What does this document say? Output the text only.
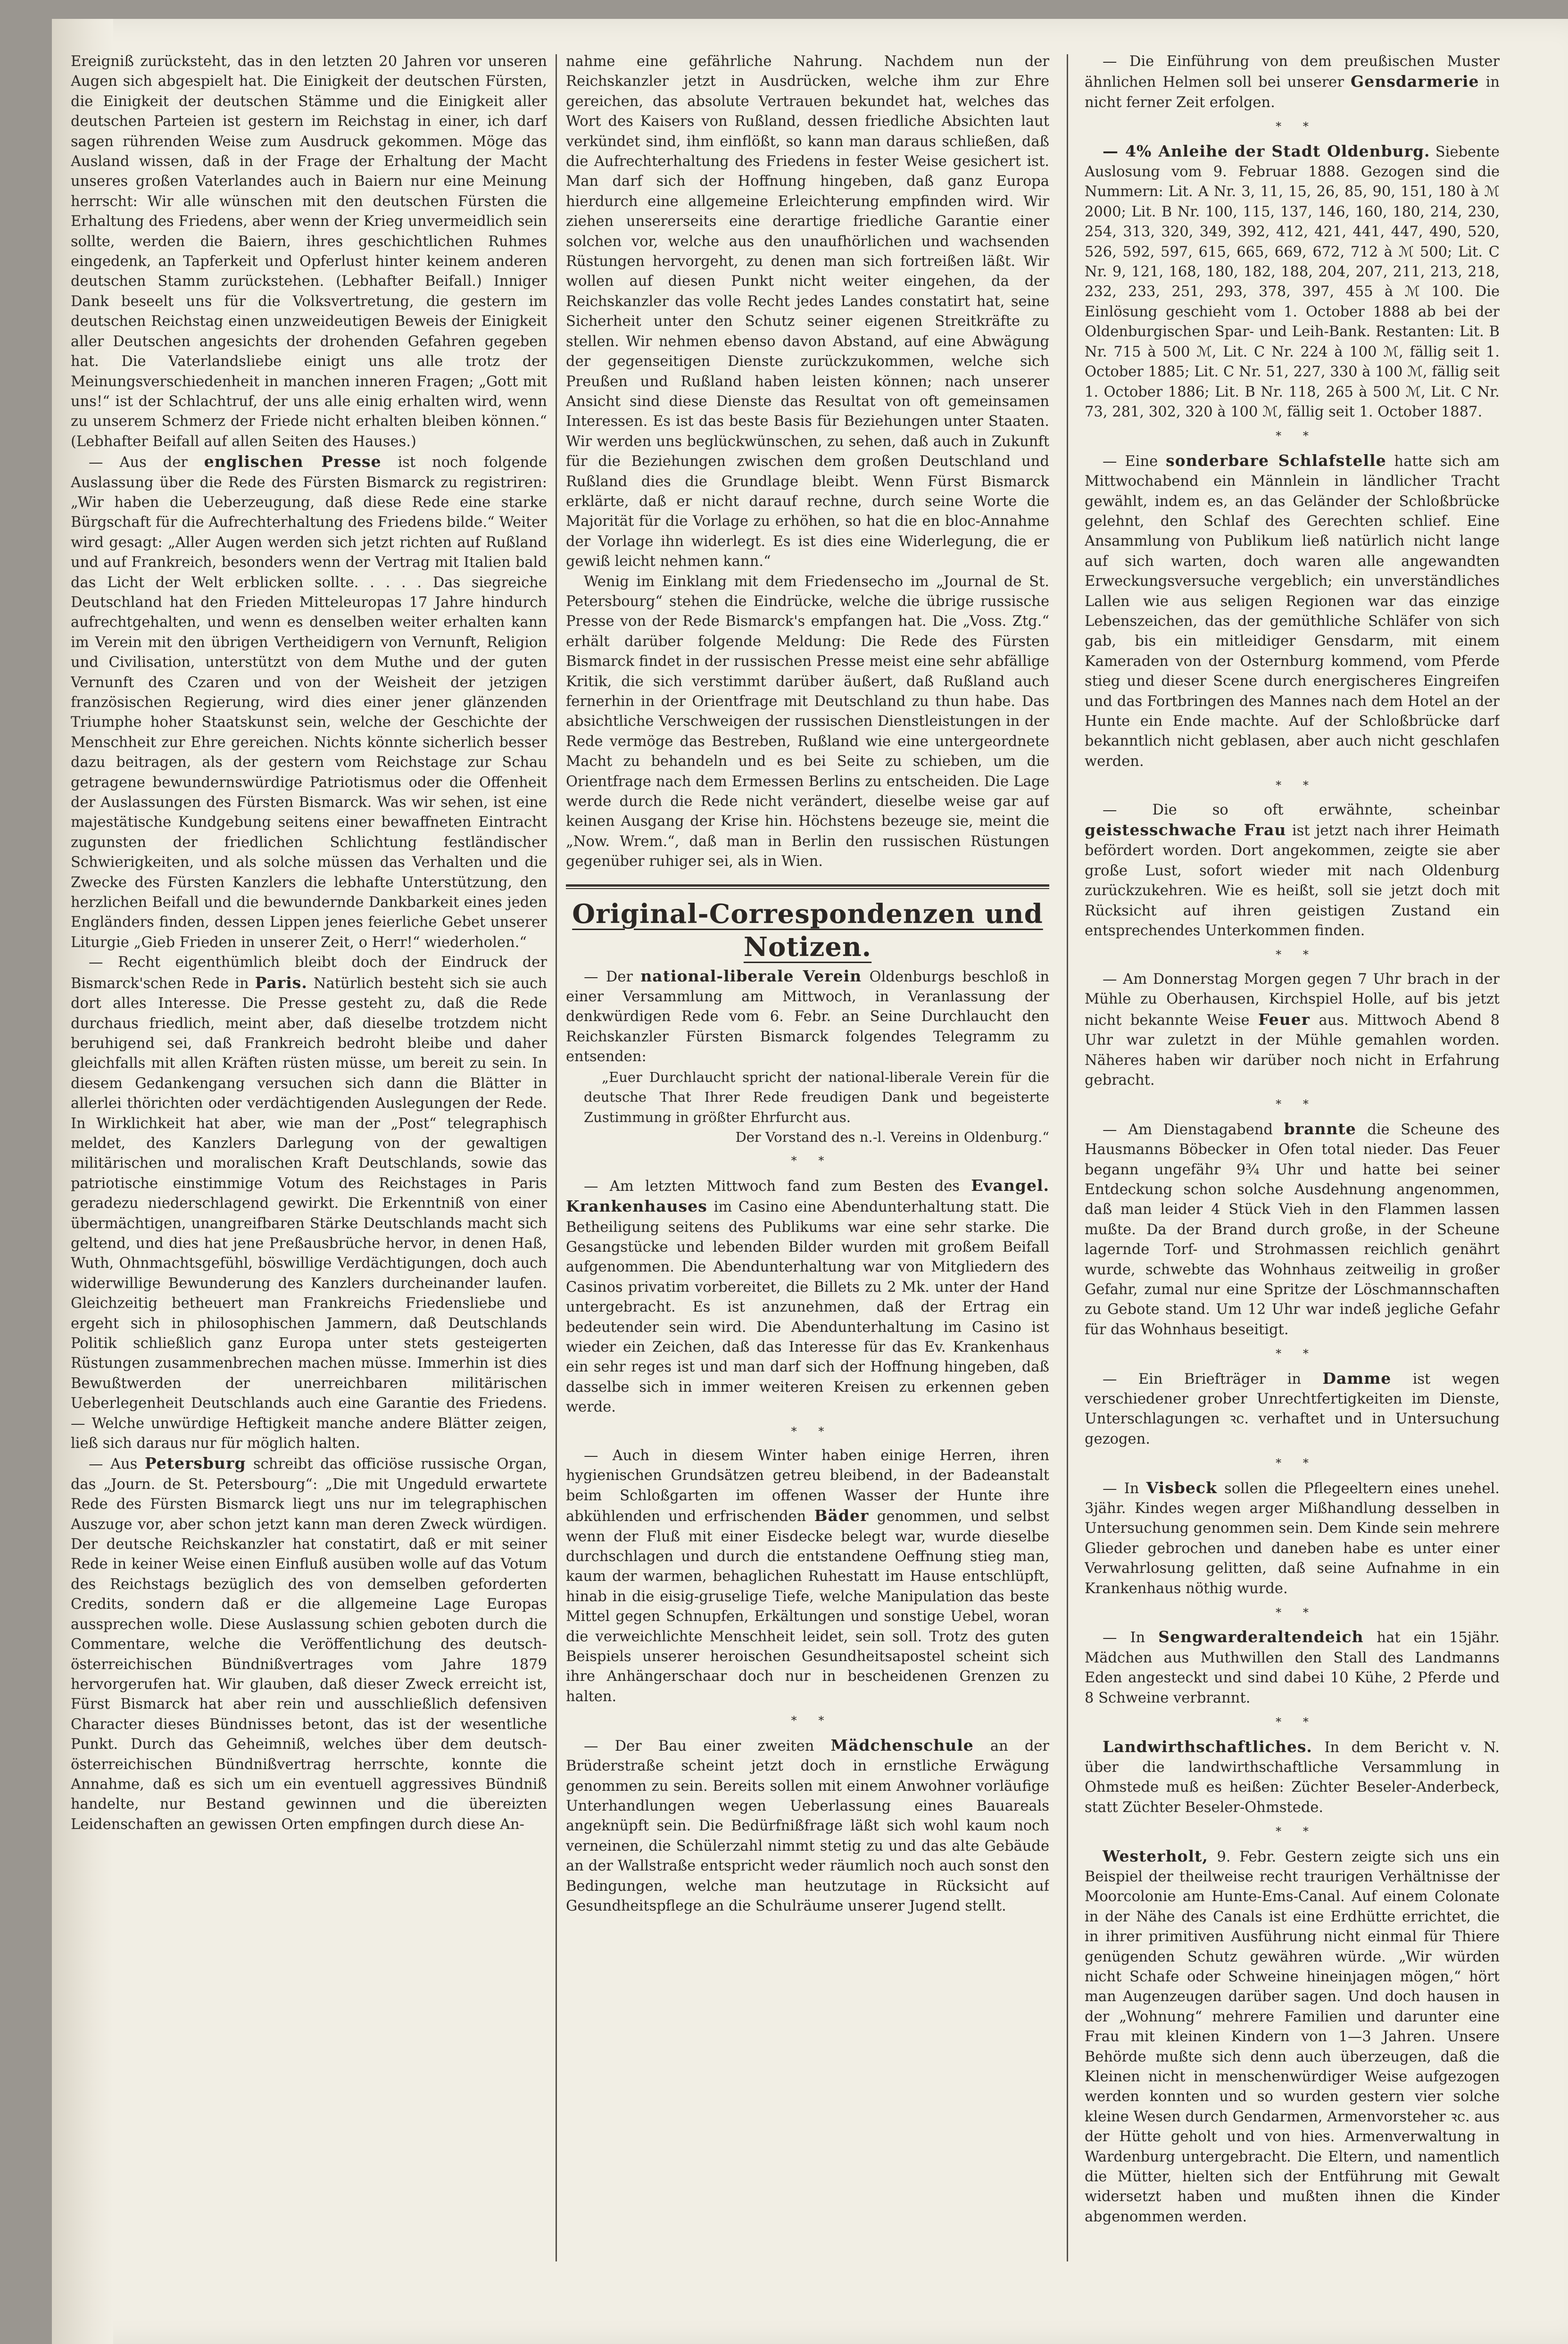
Ereigniß zurücksteht, das in den letzten 20 Jahren vor unseren Augen sich abgespielt hat. Die Einigkeit der deutschen Fürsten, die Einigkeit der deutschen Stämme und die Einigkeit aller deutschen Parteien ist gestern im Reichstag in einer, ich darf sagen rührenden Weise zum Ausdruck gekommen. Möge das Ausland wissen, daß in der Frage der Erhaltung der Macht unseres großen Vaterlandes auch in Baiern nur eine Meinung herrscht: Wir alle wünschen mit den deutschen Fürsten die Erhaltung des Friedens, aber wenn der Krieg unvermeidlich sein sollte, werden die Baiern, ihres geschichtlichen Ruhmes eingedenk, an Tapferkeit und Opferlust hinter keinem anderen deutschen Stamm zurückstehen. (Lebhafter Beifall.) Inniger Dank beseelt uns für die Volksvertretung, die gestern im deutschen Reichstag einen unzweideutigen Beweis der Einigkeit aller Deutschen angesichts der drohenden Gefahren gegeben hat. Die Vaterlandsliebe einigt uns alle trotz der Meinungsverschiedenheit in manchen inneren Fragen; „Gott mit uns!“ ist der Schlachtruf, der uns alle einig erhalten wird, wenn zu unserem Schmerz der Friede nicht erhalten bleiben können.“ (Lebhafter Beifall auf allen Seiten des Hauses.)

— Aus der englischen Presse ist noch folgende Auslassung über die Rede des Fürsten Bismarck zu registriren: „Wir haben die Ueberzeugung, daß diese Rede eine starke Bürgschaft für die Aufrechterhaltung des Friedens bilde.“ Weiter wird gesagt: „Aller Augen werden sich jetzt richten auf Rußland und auf Frankreich, besonders wenn der Vertrag mit Italien bald das Licht der Welt erblicken sollte. . . . . Das siegreiche Deutschland hat den Frieden Mitteleuropas 17 Jahre hindurch aufrechtgehalten, und wenn es denselben weiter erhalten kann im Verein mit den übrigen Vertheidigern von Vernunft, Religion und Civilisation, unterstützt von dem Muthe und der guten Vernunft des Czaren und von der Weisheit der jetzigen französischen Regierung, wird dies einer jener glänzenden Triumphe hoher Staatskunst sein, welche der Geschichte der Menschheit zur Ehre gereichen. Nichts könnte sicherlich besser dazu beitragen, als der gestern vom Reichstage zur Schau getragene bewundernswürdige Patriotismus oder die Offenheit der Auslassungen des Fürsten Bismarck. Was wir sehen, ist eine majestätische Kundgebung seitens einer bewaffneten Eintracht zugunsten der friedlichen Schlichtung festländischer Schwierigkeiten, und als solche müssen das Verhalten und die Zwecke des Fürsten Kanzlers die lebhafte Unterstützung, den herzlichen Beifall und die bewundernde Dankbarkeit eines jeden Engländers finden, dessen Lippen jenes feierliche Gebet unserer Liturgie „Gieb Frieden in unserer Zeit, o Herr!“ wiederholen.“

— Recht eigenthümlich bleibt doch der Eindruck der Bismarck'schen Rede in Paris. Natürlich besteht sich sie auch dort alles Interesse. Die Presse gesteht zu, daß die Rede durchaus friedlich, meint aber, daß dieselbe trotzdem nicht beruhigend sei, daß Frankreich bedroht bleibe und daher gleichfalls mit allen Kräften rüsten müsse, um bereit zu sein. In diesem Gedankengang versuchen sich dann die Blätter in allerlei thörichten oder verdächtigenden Auslegungen der Rede. In Wirklichkeit hat aber, wie man der „Post“ telegraphisch meldet, des Kanzlers Darlegung von der gewaltigen militärischen und moralischen Kraft Deutschlands, sowie das patriotische einstimmige Votum des Reichstages in Paris geradezu niederschlagend gewirkt. Die Erkenntniß von einer übermächtigen, unangreifbaren Stärke Deutschlands macht sich geltend, und dies hat jene Preßausbrüche hervor, in denen Haß, Wuth, Ohnmachtsgefühl, böswillige Verdächtigungen, doch auch widerwillige Bewunderung des Kanzlers durcheinander laufen. Gleichzeitig betheuert man Frankreichs Friedensliebe und ergeht sich in philosophischen Jammern, daß Deutschlands Politik schließlich ganz Europa unter stets gesteigerten Rüstungen zusammenbrechen machen müsse. Immerhin ist dies Bewußtwerden der unerreichbaren militärischen Ueberlegenheit Deutschlands auch eine Garantie des Friedens. — Welche unwürdige Heftigkeit manche andere Blätter zeigen, ließ sich daraus nur für möglich halten.

— Aus Petersburg schreibt das officiöse russische Organ, das „Journ. de St. Petersbourg“: „Die mit Ungeduld erwartete Rede des Fürsten Bismarck liegt uns nur im telegraphischen Auszuge vor, aber schon jetzt kann man deren Zweck würdigen. Der deutsche Reichskanzler hat constatirt, daß er mit seiner Rede in keiner Weise einen Einfluß ausüben wolle auf das Votum des Reichstags bezüglich des von demselben geforderten Credits, sondern daß er die allgemeine Lage Europas aussprechen wolle. Diese Auslassung schien geboten durch die Commentare, welche die Veröffentlichung des deutsch-österreichischen Bündnißvertrages vom Jahre 1879 hervorgerufen hat. Wir glauben, daß dieser Zweck erreicht ist, Fürst Bismarck hat aber rein und ausschließlich defensiven Character dieses Bündnisses betont, das ist der wesentliche Punkt. Durch das Geheimniß, welches über dem deutsch-österreichischen Bündnißvertrag herrschte, konnte die Annahme, daß es sich um ein eventuell aggressives Bündniß handelte, nur Bestand gewinnen und die übereizten Leidenschaften an gewissen Orten empfingen durch diese An-

nahme eine gefährliche Nahrung. Nachdem nun der Reichskanzler jetzt in Ausdrücken, welche ihm zur Ehre gereichen, das absolute Vertrauen bekundet hat, welches das Wort des Kaisers von Rußland, dessen friedliche Absichten laut verkündet sind, ihm einflößt, so kann man daraus schließen, daß die Aufrechterhaltung des Friedens in fester Weise gesichert ist. Man darf sich der Hoffnung hingeben, daß ganz Europa hierdurch eine allgemeine Erleichterung empfinden wird. Wir ziehen unsererseits eine derartige friedliche Garantie einer solchen vor, welche aus den unaufhörlichen und wachsenden Rüstungen hervorgeht, zu denen man sich fortreißen läßt. Wir wollen auf diesen Punkt nicht weiter eingehen, da der Reichskanzler das volle Recht jedes Landes constatirt hat, seine Sicherheit unter den Schutz seiner eigenen Streitkräfte zu stellen. Wir nehmen ebenso davon Abstand, auf eine Abwägung der gegenseitigen Dienste zurückzukommen, welche sich Preußen und Rußland haben leisten können; nach unserer Ansicht sind diese Dienste das Resultat von oft gemeinsamen Interessen. Es ist das beste Basis für Beziehungen unter Staaten. Wir werden uns beglückwünschen, zu sehen, daß auch in Zukunft für die Beziehungen zwischen dem großen Deutschland und Rußland dies die Grundlage bleibt. Wenn Fürst Bismarck erklärte, daß er nicht darauf rechne, durch seine Worte die Majorität für die Vorlage zu erhöhen, so hat die en bloc-Annahme der Vorlage ihn widerlegt. Es ist dies eine Widerlegung, die er gewiß leicht nehmen kann.“

Wenig im Einklang mit dem Friedensecho im „Journal de St. Petersbourg“ stehen die Eindrücke, welche die übrige russische Presse von der Rede Bismarck's empfangen hat. Die „Voss. Ztg.“ erhält darüber folgende Meldung: Die Rede des Fürsten Bismarck findet in der russischen Presse meist eine sehr abfällige Kritik, die sich verstimmt darüber äußert, daß Rußland auch fernerhin in der Orientfrage mit Deutschland zu thun habe. Das absichtliche Verschweigen der russischen Dienstleistungen in der Rede vermöge das Bestreben, Rußland wie eine untergeordnete Macht zu behandeln und es bei Seite zu schieben, um die Orientfrage nach dem Ermessen Berlins zu entscheiden. Die Lage werde durch die Rede nicht verändert, dieselbe weise gar auf keinen Ausgang der Krise hin. Höchstens bezeuge sie, meint die „Now. Wrem.“, daß man in Berlin den russischen Rüstungen gegenüber ruhiger sei, als in Wien.

Original-Correspondenzen und Notizen.

— Der national-liberale Verein Oldenburgs beschloß in einer Versammlung am Mittwoch, in Veranlassung der denkwürdigen Rede vom 6. Febr. an Seine Durchlaucht den Reichskanzler Fürsten Bismarck folgendes Telegramm zu entsenden:

„Euer Durchlaucht spricht der national-liberale Verein für die deutsche That Ihrer Rede freudigen Dank und begeisterte Zustimmung in größter Ehrfurcht aus.

Der Vorstand des n.-l. Vereins in Oldenburg.“

*      *

— Am letzten Mittwoch fand zum Besten des Evangel. Krankenhauses im Casino eine Abendunterhaltung statt. Die Betheiligung seitens des Publikums war eine sehr starke. Die Gesangstücke und lebenden Bilder wurden mit großem Beifall aufgenommen. Die Abendunterhaltung war von Mitgliedern des Casinos privatim vorbereitet, die Billets zu 2 Mk. unter der Hand untergebracht. Es ist anzunehmen, daß der Ertrag ein bedeutender sein wird. Die Abendunterhaltung im Casino ist wieder ein Zeichen, daß das Interesse für das Ev. Krankenhaus ein sehr reges ist und man darf sich der Hoffnung hingeben, daß dasselbe sich in immer weiteren Kreisen zu erkennen geben werde.

*      *

— Auch in diesem Winter haben einige Herren, ihren hygienischen Grundsätzen getreu bleibend, in der Badeanstalt beim Schloßgarten im offenen Wasser der Hunte ihre abkühlenden und erfrischenden Bäder genommen, und selbst wenn der Fluß mit einer Eisdecke belegt war, wurde dieselbe durchschlagen und durch die entstandene Oeffnung stieg man, kaum der warmen, behaglichen Ruhestatt im Hause entschlüpft, hinab in die eisig-gruselige Tiefe, welche Manipulation das beste Mittel gegen Schnupfen, Erkältungen und sonstige Uebel, woran die verweichlichte Menschheit leidet, sein soll. Trotz des guten Beispiels unserer heroischen Gesundheitsapostel scheint sich ihre Anhängerschaar doch nur in bescheidenen Grenzen zu halten.

*      *

— Der Bau einer zweiten Mädchenschule an der Brüderstraße scheint jetzt doch in ernstliche Erwägung genommen zu sein. Bereits sollen mit einem Anwohner vorläufige Unterhandlungen wegen Ueberlassung eines Bauareals angeknüpft sein. Die Bedürfnißfrage läßt sich wohl kaum noch verneinen, die Schülerzahl nimmt stetig zu und das alte Gebäude an der Wallstraße entspricht weder räumlich noch auch sonst den Bedingungen, welche man heutzutage in Rücksicht auf Gesundheitspflege an die Schulräume unserer Jugend stellt.

— Die Einführung von dem preußischen Muster ähnlichen Helmen soll bei unserer Gensdarmerie in nicht ferner Zeit erfolgen.

*      *

— 4% Anleihe der Stadt Oldenburg. Siebente Auslosung vom 9. Februar 1888. Gezogen sind die Nummern: Lit. A Nr. 3, 11, 15, 26, 85, 90, 151, 180 à ℳ 2000; Lit. B Nr. 100, 115, 137, 146, 160, 180, 214, 230, 254, 313, 320, 349, 392, 412, 421, 441, 447, 490, 520, 526, 592, 597, 615, 665, 669, 672, 712 à ℳ 500; Lit. C Nr. 9, 121, 168, 180, 182, 188, 204, 207, 211, 213, 218, 232, 233, 251, 293, 378, 397, 455 à ℳ 100. Die Einlösung geschieht vom 1. October 1888 ab bei der Oldenburgischen Spar- und Leih-Bank. Restanten: Lit. B Nr. 715 à 500 ℳ, Lit. C Nr. 224 à 100 ℳ, fällig seit 1. October 1885; Lit. C Nr. 51, 227, 330 à 100 ℳ, fällig seit 1. October 1886; Lit. B Nr. 118, 265 à 500 ℳ, Lit. C Nr. 73, 281, 302, 320 à 100 ℳ, fällig seit 1. October 1887.

*      *

— Eine sonderbare Schlafstelle hatte sich am Mittwochabend ein Männlein in ländlicher Tracht gewählt, indem es, an das Geländer der Schloßbrücke gelehnt, den Schlaf des Gerechten schlief. Eine Ansammlung von Publikum ließ natürlich nicht lange auf sich warten, doch waren alle angewandten Erweckungsversuche vergeblich; ein unverständliches Lallen wie aus seligen Regionen war das einzige Lebenszeichen, das der gemüthliche Schläfer von sich gab, bis ein mitleidiger Gensdarm, mit einem Kameraden von der Osternburg kommend, vom Pferde stieg und dieser Scene durch energischeres Eingreifen und das Fortbringen des Mannes nach dem Hotel an der Hunte ein Ende machte. Auf der Schloßbrücke darf bekanntlich nicht geblasen, aber auch nicht geschlafen werden.

*      *

— Die so oft erwähnte, scheinbar geistesschwache Frau ist jetzt nach ihrer Heimath befördert worden. Dort angekommen, zeigte sie aber große Lust, sofort wieder mit nach Oldenburg zurückzukehren. Wie es heißt, soll sie jetzt doch mit Rücksicht auf ihren geistigen Zustand ein entsprechendes Unterkommen finden.

*      *

— Am Donnerstag Morgen gegen 7 Uhr brach in der Mühle zu Oberhausen, Kirchspiel Holle, auf bis jetzt nicht bekannte Weise Feuer aus. Mittwoch Abend 8 Uhr war zuletzt in der Mühle gemahlen worden. Näheres haben wir darüber noch nicht in Erfahrung gebracht.

*      *

— Am Dienstagabend brannte die Scheune des Hausmanns Böbecker in Ofen total nieder. Das Feuer begann ungefähr 9¾ Uhr und hatte bei seiner Entdeckung schon solche Ausdehnung angenommen, daß man leider 4 Stück Vieh in den Flammen lassen mußte. Da der Brand durch große, in der Scheune lagernde Torf- und Strohmassen reichlich genährt wurde, schwebte das Wohnhaus zeitweilig in großer Gefahr, zumal nur eine Spritze der Löschmannschaften zu Gebote stand. Um 12 Uhr war indeß jegliche Gefahr für das Wohnhaus beseitigt.

*      *

— Ein Briefträger in Damme ist wegen verschiedener grober Unrechtfertigkeiten im Dienste, Unterschlagungen ꝛc. verhaftet und in Untersuchung gezogen.

*      *

— In Visbeck sollen die Pflegeeltern eines unehel. 3jähr. Kindes wegen arger Mißhandlung desselben in Untersuchung genommen sein. Dem Kinde sein mehrere Glieder gebrochen und daneben habe es unter einer Verwahrlosung gelitten, daß seine Aufnahme in ein Krankenhaus nöthig wurde.

*      *

— In Sengwarderaltendeich hat ein 15jähr. Mädchen aus Muthwillen den Stall des Landmanns Eden angesteckt und sind dabei 10 Kühe, 2 Pferde und 8 Schweine verbrannt.

*      *

Landwirthschaftliches. In dem Bericht v. N. über die landwirthschaftliche Versammlung in Ohmstede muß es heißen: Züchter Beseler-Anderbeck, statt Züchter Beseler-Ohmstede.

*      *

Westerholt, 9. Febr. Gestern zeigte sich uns ein Beispiel der theilweise recht traurigen Verhältnisse der Moorcolonie am Hunte-Ems-Canal. Auf einem Colonate in der Nähe des Canals ist eine Erdhütte errichtet, die in ihrer primitiven Ausführung nicht einmal für Thiere genügenden Schutz gewähren würde. „Wir würden nicht Schafe oder Schweine hineinjagen mögen,“ hört man Augenzeugen darüber sagen. Und doch hausen in der „Wohnung“ mehrere Familien und darunter eine Frau mit kleinen Kindern von 1—3 Jahren. Unsere Behörde mußte sich denn auch überzeugen, daß die Kleinen nicht in menschenwürdiger Weise aufgezogen werden konnten und so wurden gestern vier solche kleine Wesen durch Gendarmen, Armenvorsteher ꝛc. aus der Hütte geholt und von hies. Armenverwaltung in Wardenburg untergebracht. Die Eltern, und namentlich die Mütter, hielten sich der Entführung mit Gewalt widersetzt haben und mußten ihnen die Kinder abgenommen werden.
